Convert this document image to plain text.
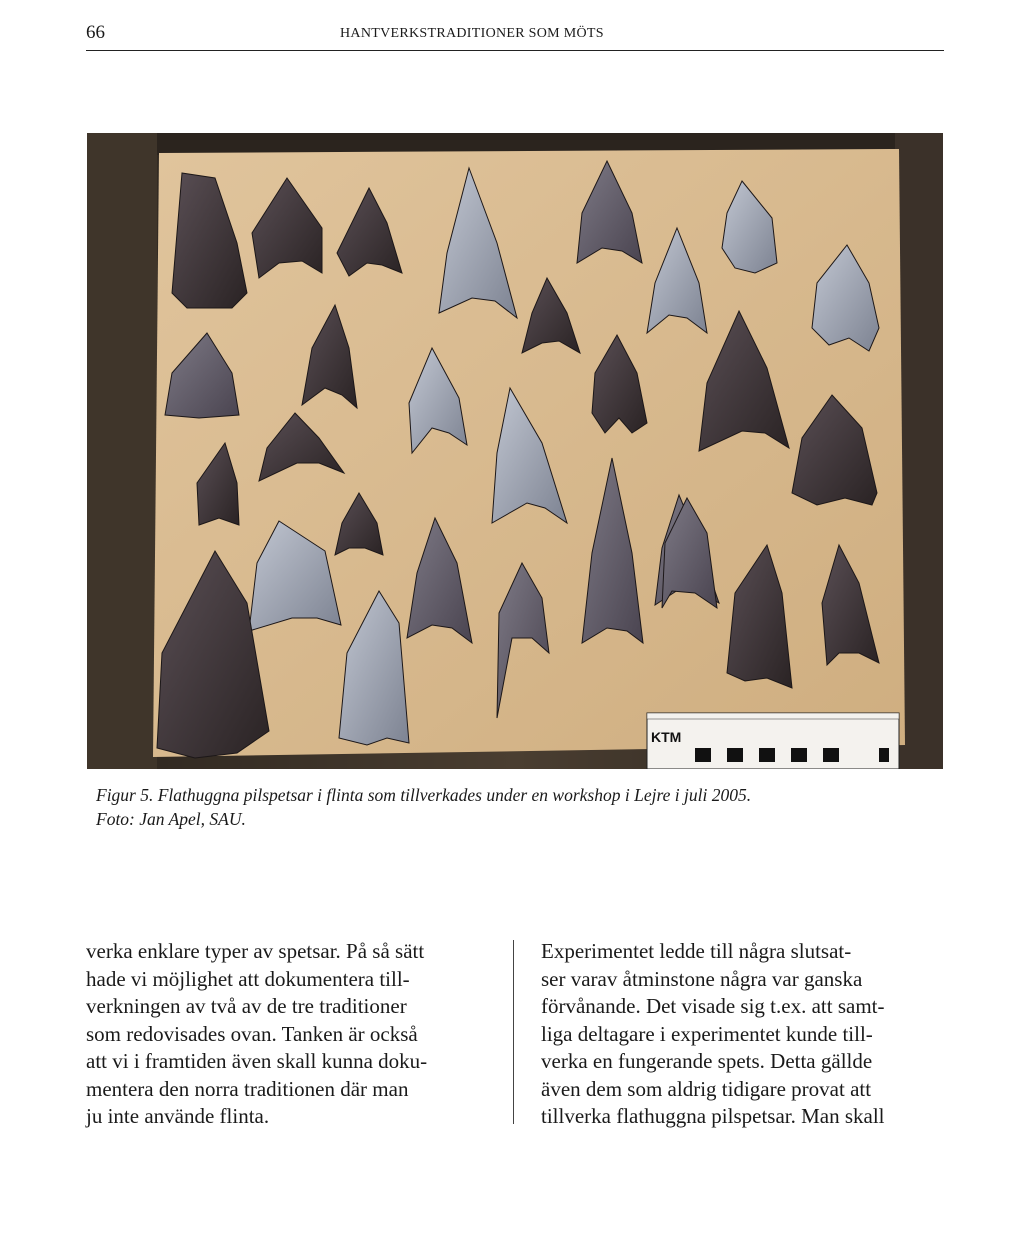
66	HANTVERKSTRADITIONER SOM MÖTS
KTM
Figur 5. Flathuggna pilspetsar i flinta som tillverkades under en workshop i Lejre i juli 2005.
Foto: Jan Apel, SAU.
verka enklare typer av spetsar. På så sätt
hade vi möjlighet att dokumentera till-
verkningen av två av de tre traditioner
som redovisades ovan. Tanken är också
att vi i framtiden även skall kunna doku-
mentera den norra traditionen där man
ju inte använde flinta.
Experimentet ledde till några slutsat-
ser varav åtminstone några var ganska
förvånande. Det visade sig t.ex. att samt-
liga deltagare i experimentet kunde till-
verka en fungerande spets. Detta gällde
även dem som aldrig tidigare provat att
tillverka flathuggna pilspetsar. Man skall
